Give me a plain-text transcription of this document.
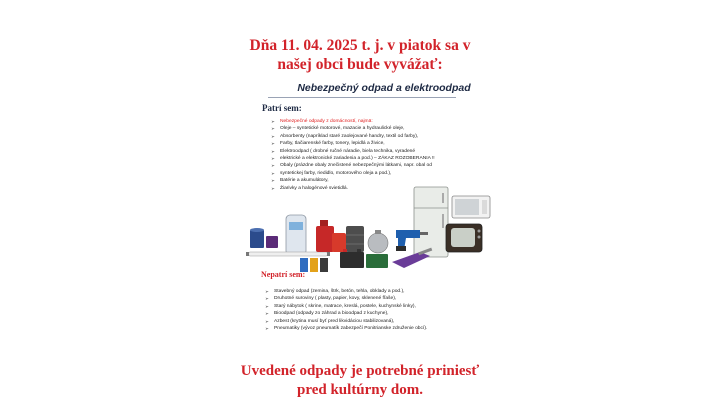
Dňa 11. 04. 2025 t. j. v piatok sa v
našej obci bude vyvážať:
Nebezpečný odpad a elektroodpad
Patrí sem:
➢ Nebezpečné odpady z domácností, najmä:
➢ Oleje – syntetické motorové, mazacie a hydraulické oleje,
➢ Absorbenty (napríklad staré zaolejované handry, textil od farby),
➢ Farby, tlačiarenské farby, tonery, lepidlá a živice,
➢ Elektroodpad ( drobné ručné náradie, biela technika, vyradené
➢ elektrické a elektronické zariadenia a pod.) – ZÁKAZ ROZOBERANIA !!
➢ Obaly (prázdne obaly znečistené nebezpečnými látkami, napr. obal od
➢ syntetickej farby, riedidlo, motorového oleja a pod.),
➢ Batérie a akumulátory,
➢ Žiarivky a halogénové svietidlá.
Nepatrí sem:
➢ Stavebný odpad (zemina, štrk, betón, tehla, obklady a pod.),
➢ Druhotné suroviny ( plasty, papier, kovy, sklenené fľaše),
➢ Starý nábytok ( skrine, matrace, kreslá, postele, kuchynské linky),
➢ Bioodpad (odpady zo záhrad a bioodpad z kuchyne),
➢ Azbest (krytina musí byť pred likvidáciou stabilizovaná),
➢ Pneumatiky (vývoz pneumatík zabezpečí Ponitrianske združenie obcí).
Uvedené odpady je potrebné priniesť
pred kultúrny dom.
